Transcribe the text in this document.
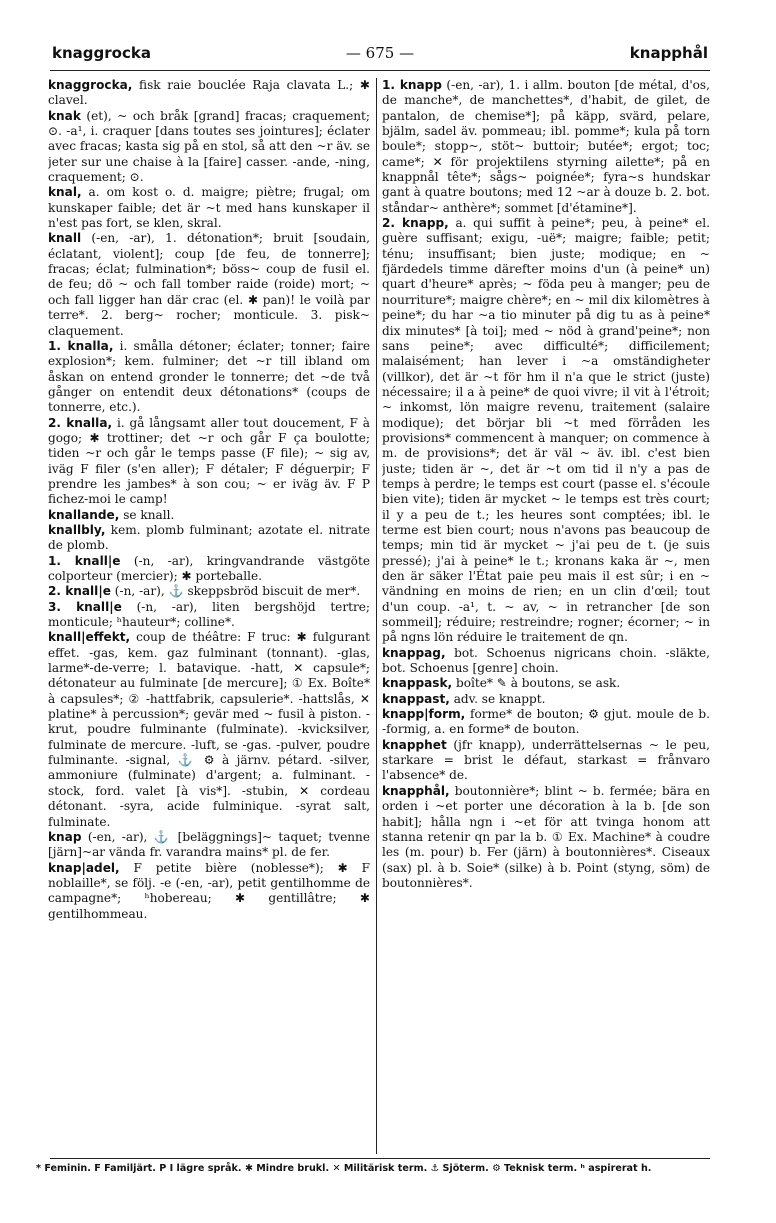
knaggrocka	— 675 —	knapphål

knaggrocka, fisk raie bouclée Raja clavata L.; ✱ clavel.

knak (et), ~ och bråk [grand] fracas; craquement; ⊙. -a¹, i. craquer [dans toutes ses jointures]; éclater avec fracas; kasta sig på en stol, så att den ~r äv. se jeter sur une chaise à la [faire] casser. -ande, -ning, craquement; ⊙.

knal, a. om kost o. d. maigre; piètre; frugal; om kunskaper faible; det är ~t med hans kunskaper il n'est pas fort, se klen, skral.

knall (-en, -ar), 1. détonation*; bruit [soudain, éclatant, violent]; coup [de feu, de tonnerre]; fracas; éclat; fulmination*; böss~ coup de fusil el. de feu; dö ~ och fall tomber raide (roide) mort; ~ och fall ligger han där crac (el. ✱ pan)! le voilà par terre*. 2. berg~ rocher; monticule. 3. pisk~ claquement.

1. knalla, i. smålla détoner; éclater; tonner; faire explosion*; kem. fulminer; det ~r till ibland om åskan on entend gronder le tonnerre; det ~de två gånger on entendit deux détonations* (coups de tonnerre, etc.).

2. knalla, i. gå långsamt aller tout doucement, F à gogo; ✱ trottiner; det ~r och går F ça boulotte; tiden ~r och går le temps passe (F file); ~ sig av, iväg F filer (s'en aller); F détaler; F déguerpir; F prendre les jambes* à son cou; ~ er iväg äv. F P fichez-moi le camp!

knallande, se knall.

knallbly, kem. plomb fulminant; azotate el. nitrate de plomb.

1. knall|e (-n, -ar), kringvandrande västgöte colporteur (mercier); ✱ porteballe.

2. knall|e (-n, -ar), ⚓ skeppsbröd biscuit de mer*.

3. knall|e (-n, -ar), liten bergshöjd tertre; monticule; ʰhauteur*; colline*.

knall|effekt, coup de théâtre: F truc: ✱ fulgurant effet. -gas, kem. gaz fulminant (tonnant). -glas, larme*-de-verre; l. batavique. -hatt, ✕ capsule*; détonateur au fulminate [de mercure]; ① Ex. Boîte* à capsules*; ② -hattfabrik, capsulerie*. -hattslås, ✕ platine* à percussion*; gevär med ~ fusil à piston. -krut, poudre fulminante (fulminate). -kvicksilver, fulminate de mercure. -luft, se -gas. -pulver, poudre fulminante. -signal, ⚓ ⚙ à järnv. pétard. -silver, ammoniure (fulminate) d'argent; a. fulminant. -stock, ford. valet [à vis*]. -stubin, ✕ cordeau détonant. -syra, acide fulminique. -syrat salt, fulminate.

knap (-en, -ar), ⚓ [beläggnings]~ taquet; tvenne [järn]~ar vända fr. varandra mains* pl. de fer.

knap|adel, F petite bière (noblesse*); ✱ F noblaille*, se följ. -e (-en, -ar), petit gentilhomme de campagne*; ʰhobereau; ✱ gentillâtre; ✱ gentilhommeau.

1. knapp (-en, -ar), 1. i allm. bouton [de métal, d'os, de manche*, de manchettes*, d'habit, de gilet, de pantalon, de chemise*]; på käpp, svärd, pelare, bjälm, sadel äv. pommeau; ibl. pomme*; kula på torn boule*; stopp~, stöt~ buttoir; butée*; ergot; toc; came*; ✕ för projektilens styrning ailette*; på en knappnål tête*; sågs~ poignée*; fyra~s hundskar gant à quatre boutons; med 12 ~ar à douze b. 2. bot. ståndar~ anthère*; sommet [d'étamine*].

2. knapp, a. qui suffit à peine*; peu, à peine* el. guère suffisant; exigu, -uë*; maigre; faible; petit; ténu; insuffisant; bien juste; modique; en ~ fjärdedels timme därefter moins d'un (à peine* un) quart d'heure* après; ~ föda peu à manger; peu de nourriture*; maigre chère*; en ~ mil dix kilomètres à peine*; du har ~a tio minuter på dig tu as à peine* dix minutes* [à toi]; med ~ nöd à grand'peine*; non sans peine*; avec difficulté*; difficilement; malaisément; han lever i ~a omständigheter (villkor), det är ~t för hm il n'a que le strict (juste) nécessaire; il a à peine* de quoi vivre; il vit à l'étroit; ~ inkomst, lön maigre revenu, traitement (salaire modique); det börjar bli ~t med förråden les provisions* commencent à manquer; on commence à m. de provisions*; det är väl ~ äv. ibl. c'est bien juste; tiden är ~, det är ~t om tid il n'y a pas de temps à perdre; le temps est court (passe el. s'écoule bien vite); tiden är mycket ~ le temps est très court; il y a peu de t.; les heures sont comptées; ibl. le terme est bien court; nous n'avons pas beaucoup de temps; min tid är mycket ~ j'ai peu de t. (je suis pressé); j'ai à peine* le t.; kronans kaka är ~, men den är säker l'État paie peu mais il est sûr; i en ~ vändning en moins de rien; en un clin d'œil; tout d'un coup. -a¹, t. ~ av, ~ in retrancher [de son sommeil]; réduire; restreindre; rogner; écorner; ~ in på ngns lön réduire le traitement de qn.

knappag, bot. Schoenus nigricans choin. -släkte, bot. Schoenus [genre] choin.

knappask, boîte* ✎ à boutons, se ask.

knappast, adv. se knappt.

knapp|form, forme* de bouton; ⚙ gjut. moule de b. -formig, a. en forme* de bouton.

knapphet (jfr knapp), underrättelsernas ~ le peu, starkare = brist le défaut, starkast = frånvaro l'absence* de.

knapphål, boutonnière*; blint ~ b. fermée; bära en orden i ~et porter une décoration à la b. [de son habit]; hålla ngn i ~et för att tvinga honom att stanna retenir qn par la b. ① Ex. Machine* à coudre les (m. pour) b. Fer (järn) à boutonnières*. Ciseaux (sax) pl. à b. Soie* (silke) à b. Point (styng, söm) de boutonnières*.

* Feminin. F Familjärt. P I lägre språk. ✱ Mindre brukl. ✕ Militärisk term. ⚓ Sjöterm. ⚙ Teknisk term. ʰ aspirerat h.
